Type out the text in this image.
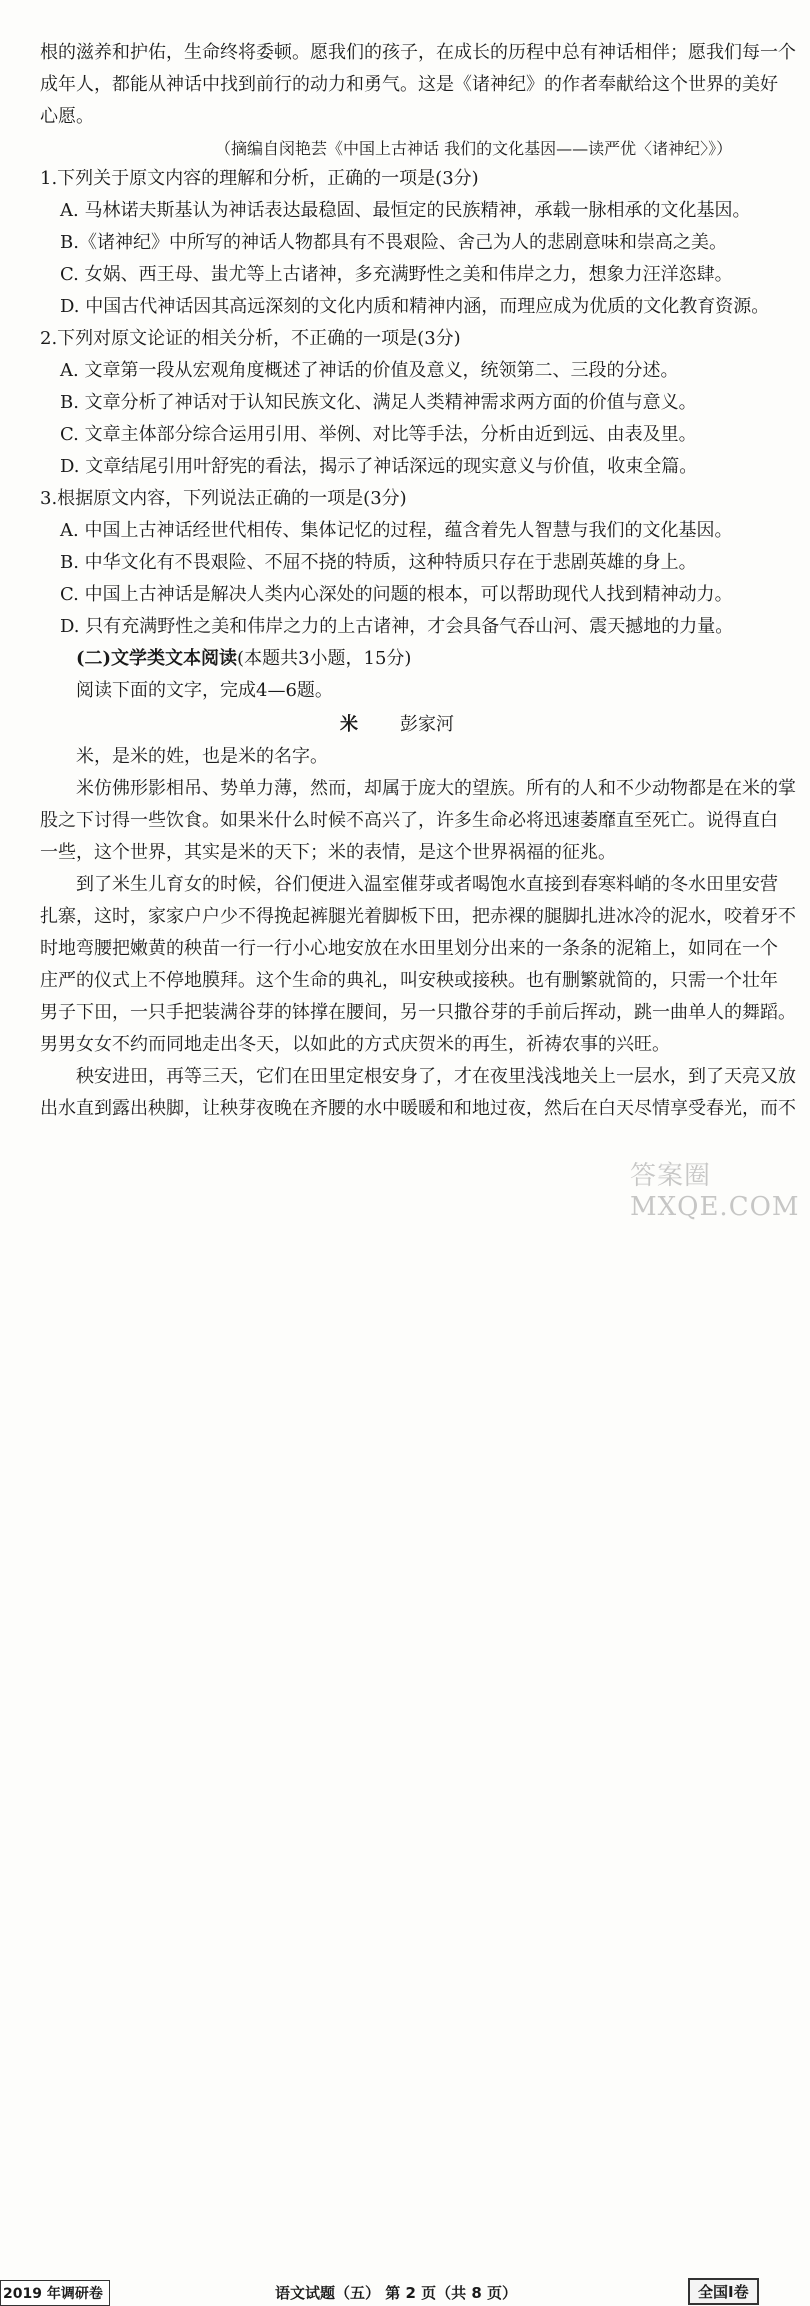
根的滋养和护佑，生命终将委顿。愿我们的孩子，在成长的历程中总有神话相伴；愿我们每一个
成年人，都能从神话中找到前行的动力和勇气。这是《诸神纪》的作者奉献给这个世界的美好
心愿。
（摘编自闵艳芸《中国上古神话 我们的文化基因——读严优〈诸神纪〉》）
1.下列关于原文内容的理解和分析，正确的一项是(3分)
A. 马林诺夫斯基认为神话表达最稳固、最恒定的民族精神，承载一脉相承的文化基因。
B.《诸神纪》中所写的神话人物都具有不畏艰险、舍己为人的悲剧意味和崇高之美。
C. 女娲、西王母、蚩尤等上古诸神，多充满野性之美和伟岸之力，想象力汪洋恣肆。
D. 中国古代神话因其高远深刻的文化内质和精神内涵，而理应成为优质的文化教育资源。
2.下列对原文论证的相关分析，不正确的一项是(3分)
A. 文章第一段从宏观角度概述了神话的价值及意义，统领第二、三段的分述。
B. 文章分析了神话对于认知民族文化、满足人类精神需求两方面的价值与意义。
C. 文章主体部分综合运用引用、举例、对比等手法，分析由近到远、由表及里。
D. 文章结尾引用叶舒宪的看法，揭示了神话深远的现实意义与价值，收束全篇。
3.根据原文内容，下列说法正确的一项是(3分)
A. 中国上古神话经世代相传、集体记忆的过程，蕴含着先人智慧与我们的文化基因。
B. 中华文化有不畏艰险、不屈不挠的特质，这种特质只存在于悲剧英雄的身上。
C. 中国上古神话是解决人类内心深处的问题的根本，可以帮助现代人找到精神动力。
D. 只有充满野性之美和伟岸之力的上古诸神，才会具备气吞山河、震天撼地的力量。
(二)文学类文本阅读(本题共3小题，15分)
阅读下面的文字，完成4—6题。
米 彭家河
米，是米的姓，也是米的名字。
米仿佛形影相吊、势单力薄，然而，却属于庞大的望族。所有的人和不少动物都是在米的掌
股之下讨得一些饮食。如果米什么时候不高兴了，许多生命必将迅速萎靡直至死亡。说得直白
一些，这个世界，其实是米的天下；米的表情，是这个世界祸福的征兆。
到了米生儿育女的时候，谷们便进入温室催芽或者喝饱水直接到春寒料峭的冬水田里安营
扎寨，这时，家家户户少不得挽起裤腿光着脚板下田，把赤裸的腿脚扎进冰冷的泥水，咬着牙不
时地弯腰把嫩黄的秧苗一行一行小心地安放在水田里划分出来的一条条的泥箱上，如同在一个
庄严的仪式上不停地膜拜。这个生命的典礼，叫安秧或接秧。也有删繁就简的，只需一个壮年
男子下田，一只手把装满谷芽的钵撑在腰间，另一只撒谷芽的手前后挥动，跳一曲单人的舞蹈。
男男女女不约而同地走出冬天，以如此的方式庆贺米的再生，祈祷农事的兴旺。
秧安进田，再等三天，它们在田里定根安身了，才在夜里浅浅地关上一层水，到了天亮又放
出水直到露出秧脚，让秧芽夜晚在齐腰的水中暖暖和和地过夜，然后在白天尽情享受春光，而不
2019 年调研卷	语文试题（五） 第 2 页（共 8 页）	全国Ⅰ卷
答案圈 MXQE.COM
